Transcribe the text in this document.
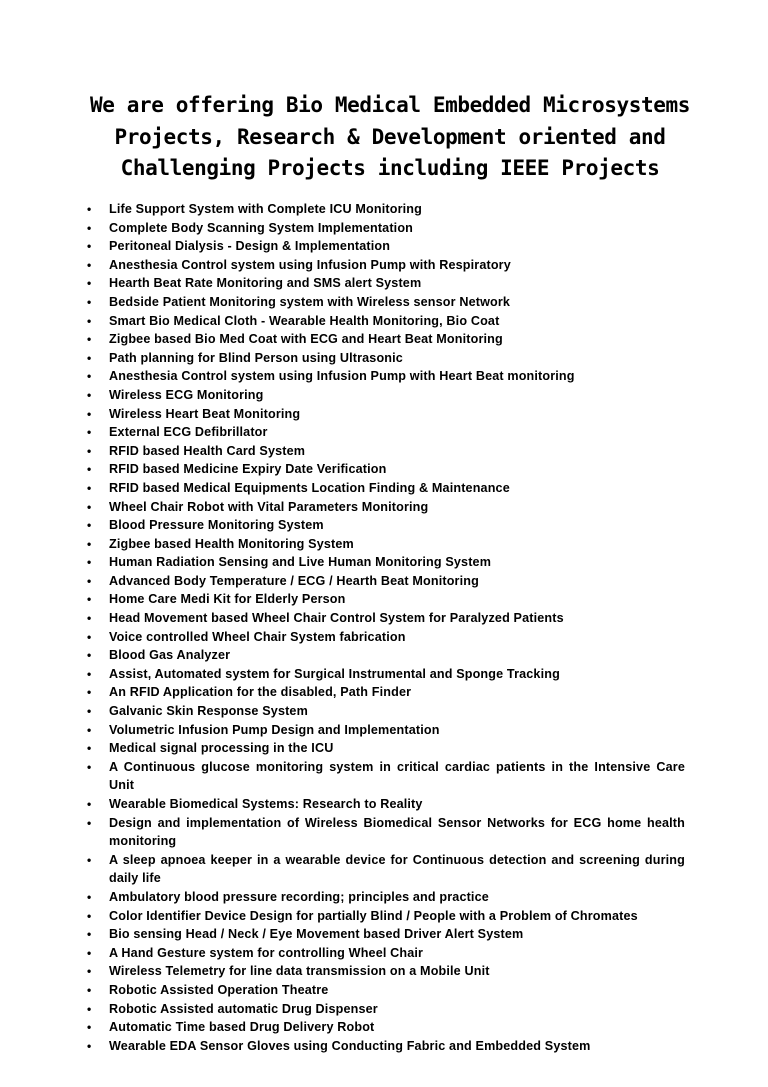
We are offering Bio Medical Embedded Microsystems
Projects, Research & Development oriented and
Challenging Projects including IEEE Projects
• Life Support System with Complete ICU Monitoring
• Complete Body Scanning System Implementation
• Peritoneal Dialysis - Design & Implementation
• Anesthesia Control system using Infusion Pump with Respiratory
• Hearth Beat Rate Monitoring and SMS alert System
• Bedside Patient Monitoring system with Wireless sensor Network
• Smart Bio Medical Cloth - Wearable Health Monitoring, Bio Coat
• Zigbee based Bio Med Coat with ECG and Heart Beat Monitoring
• Path planning for Blind Person using Ultrasonic
• Anesthesia Control system using Infusion Pump with Heart Beat monitoring
• Wireless ECG Monitoring
• Wireless Heart Beat Monitoring
• External ECG Defibrillator
• RFID based Health Card System
• RFID based Medicine Expiry Date Verification
• RFID based Medical Equipments Location Finding & Maintenance
• Wheel Chair Robot with Vital Parameters Monitoring
• Blood Pressure Monitoring System
• Zigbee based Health Monitoring System
• Human Radiation Sensing and Live Human Monitoring System
• Advanced Body Temperature / ECG / Hearth Beat Monitoring
• Home Care Medi Kit for Elderly Person
• Head Movement based Wheel Chair Control System for Paralyzed Patients
• Voice controlled Wheel Chair System fabrication
• Blood Gas Analyzer
• Assist, Automated system for Surgical Instrumental and Sponge Tracking
• An RFID Application for the disabled, Path Finder
• Galvanic Skin Response System
• Volumetric Infusion Pump Design and Implementation
• Medical signal processing in the ICU
• A Continuous glucose monitoring system in critical cardiac patients in the Intensive Care Unit
• Wearable Biomedical Systems: Research to Reality
• Design and implementation of Wireless Biomedical Sensor Networks for ECG home health monitoring
• A sleep apnoea keeper in a wearable device for Continuous detection and screening during daily life
• Ambulatory blood pressure recording; principles and practice
• Color Identifier Device Design for partially Blind / People with a Problem of Chromates
• Bio sensing Head / Neck / Eye Movement based Driver Alert System
• A Hand Gesture system for controlling Wheel Chair
• Wireless Telemetry for line data transmission on a Mobile Unit
• Robotic Assisted Operation Theatre
• Robotic Assisted automatic Drug Dispenser
• Automatic Time based Drug Delivery Robot
• Wearable EDA Sensor Gloves using Conducting Fabric and Embedded System
